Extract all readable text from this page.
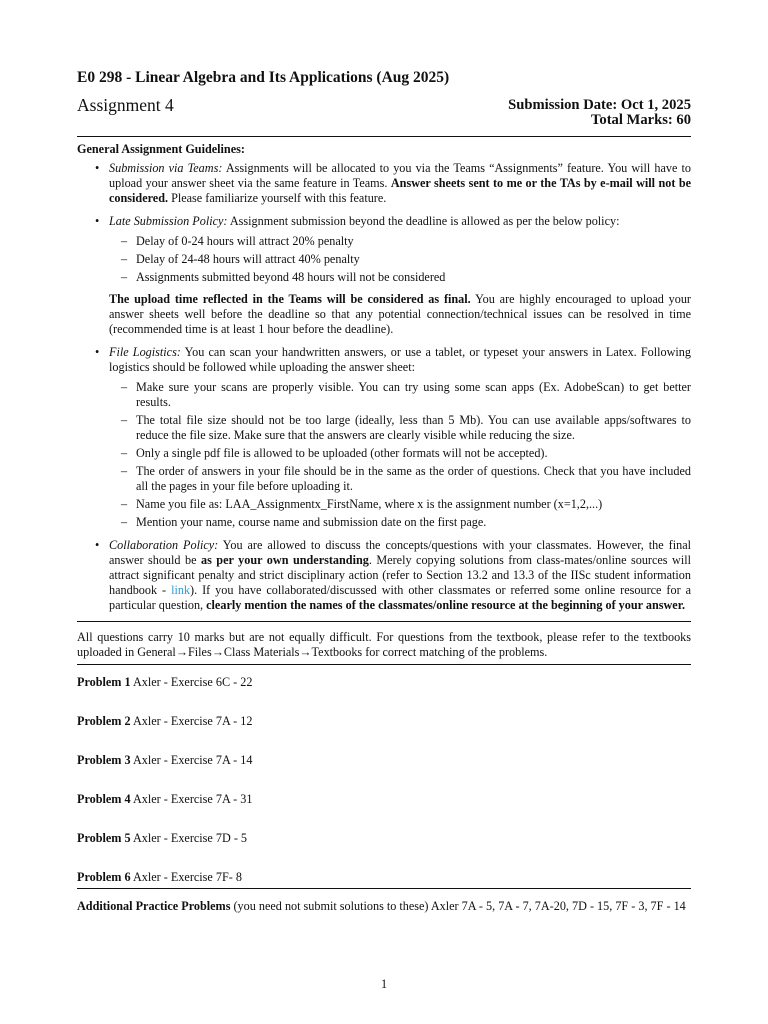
E0 298 - Linear Algebra and Its Applications (Aug 2025)
Assignment 4	Submission Date: Oct 1, 2025
Total Marks: 60
General Assignment Guidelines:
• Submission via Teams: Assignments will be allocated to you via the Teams “Assignments” feature. You will have to upload your answer sheet via the same feature in Teams. Answer sheets sent to me or the TAs by e-mail will not be considered. Please familiarize yourself with this feature.
• Late Submission Policy: Assignment submission beyond the deadline is allowed as per the below policy:
– Delay of 0-24 hours will attract 20% penalty
– Delay of 24-48 hours will attract 40% penalty
– Assignments submitted beyond 48 hours will not be considered
The upload time reflected in the Teams will be considered as final. You are highly encouraged to upload your answer sheets well before the deadline so that any potential connection/technical issues can be resolved in time (recommended time is at least 1 hour before the deadline).
• File Logistics: You can scan your handwritten answers, or use a tablet, or typeset your answers in Latex. Following logistics should be followed while uploading the answer sheet:
– Make sure your scans are properly visible. You can try using some scan apps (Ex. AdobeScan) to get better results.
– The total file size should not be too large (ideally, less than 5 Mb). You can use available apps/softwares to reduce the file size. Make sure that the answers are clearly visible while reducing the size.
– Only a single pdf file is allowed to be uploaded (other formats will not be accepted).
– The order of answers in your file should be in the same as the order of questions. Check that you have included all the pages in your file before uploading it.
– Name you file as: LAA_Assignmentx_FirstName, where x is the assignment number (x=1,2,...)
– Mention your name, course name and submission date on the first page.
• Collaboration Policy: You are allowed to discuss the concepts/questions with your classmates. However, the final answer should be as per your own understanding. Merely copying solutions from class-mates/online sources will attract significant penalty and strict disciplinary action (refer to Section 13.2 and 13.3 of the IISc student information handbook - link). If you have collaborated/discussed with other classmates or referred some online resource for a particular question, clearly mention the names of the classmates/online resource at the beginning of your answer.
All questions carry 10 marks but are not equally difficult. For questions from the textbook, please refer to the textbooks uploaded in General→Files→Class Materials→Textbooks for correct matching of the problems.
Problem 1 Axler - Exercise 6C - 22
Problem 2 Axler - Exercise 7A - 12
Problem 3 Axler - Exercise 7A - 14
Problem 4 Axler - Exercise 7A - 31
Problem 5 Axler - Exercise 7D - 5
Problem 6 Axler - Exercise 7F- 8
Additional Practice Problems (you need not submit solutions to these) Axler 7A - 5, 7A - 7, 7A-20, 7D - 15, 7F - 3, 7F - 14
1
